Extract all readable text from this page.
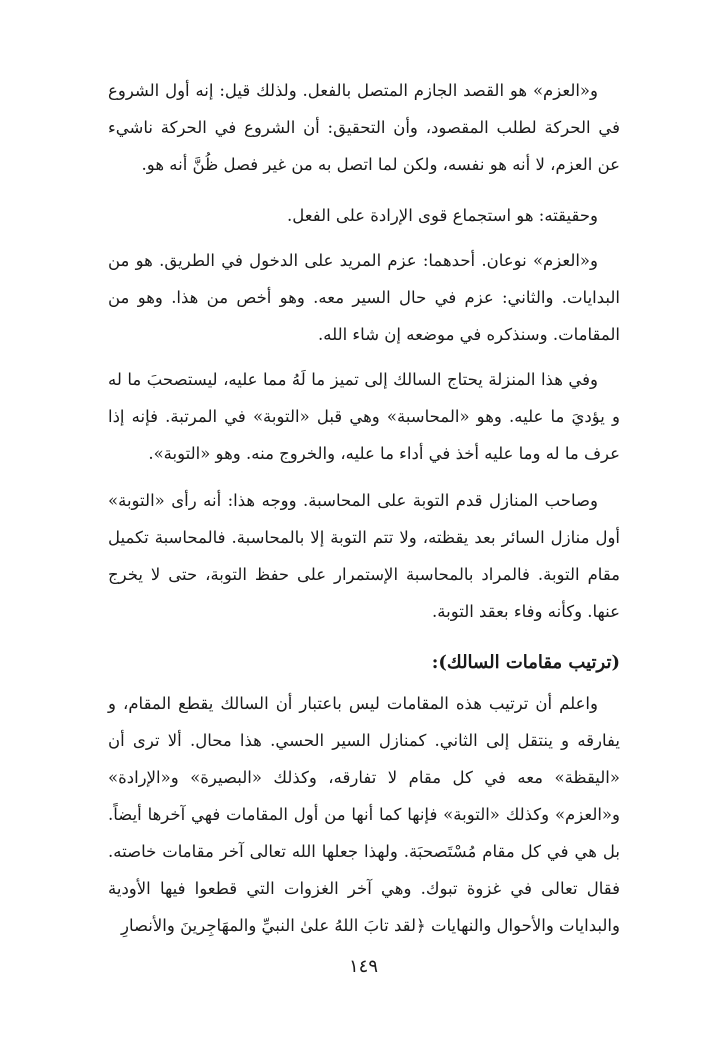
و«العزم» هو القصد الجازم المتصل بالفعل. ولذلك قيل: إنه أول الشروع في الحركة لطلب المقصود، وأن التحقيق: أن الشروع في الحركة ناشيء عن العزم، لا أنه هو نفسه، ولكن لما اتصل به من غير فصل ظُنَّ أنه هو.

وحقيقته: هو استجماع قوى الإرادة على الفعل.

و«العزم» نوعان. أحدهما: عزم المريد على الدخول في الطريق. هو من البدايات. والثاني: عزم في حال السير معه. وهو أخص من هذا. وهو من المقامات. وسنذكره في موضعه إن شاء الله.

وفي هذا المنزلة يحتاج السالك إلى تميز ما لَهُ مما عليه، ليستصحبَ ما له و يؤديَ ما عليه. وهو «المحاسبة» وهي قبل «التوبة» في المرتبة. فإنه إذا عرف ما له وما عليه أخذ في أداء ما عليه، والخروج منه. وهو «التوبة».

وصاحب المنازل قدم التوبة على المحاسبة. ووجه هذا: أنه رأى «التوبة» أول منازل السائر بعد يقظته، ولا تتم التوبة إلا بالمحاسبة. فالمحاسبة تكميل مقام التوبة. فالمراد بالمحاسبة الإستمرار على حفظ التوبة، حتى لا يخرج عنها. وكأنه وفاء بعقد التوبة.

(ترتيب مقامات السالك):

واعلم أن ترتيب هذه المقامات ليس باعتبار أن السالك يقطع المقام، و يفارقه و ينتقل إلى الثاني. كمنازل السير الحسي. هذا محال. ألا ترى أن «اليقظة» معه في كل مقام لا تفارقه، وكذلك «البصيرة» و«الإرادة» و«العزم» وكذلك «التوبة» فإنها كما أنها من أول المقامات فهي آخرها أيضاً. بل هي في كل مقام مُسْتَصحبَة. ولهذا جعلها الله تعالى آخر مقامات خاصته. فقال تعالى في غزوة تبوك. وهي آخر الغزوات التي قطعوا فيها الأودية والبدايات والأحوال والنهايات ﴿لقد تابَ اللهُ علىٰ النبيِّ والمهَاجِرينَ والأنصارِ

١٤٩
